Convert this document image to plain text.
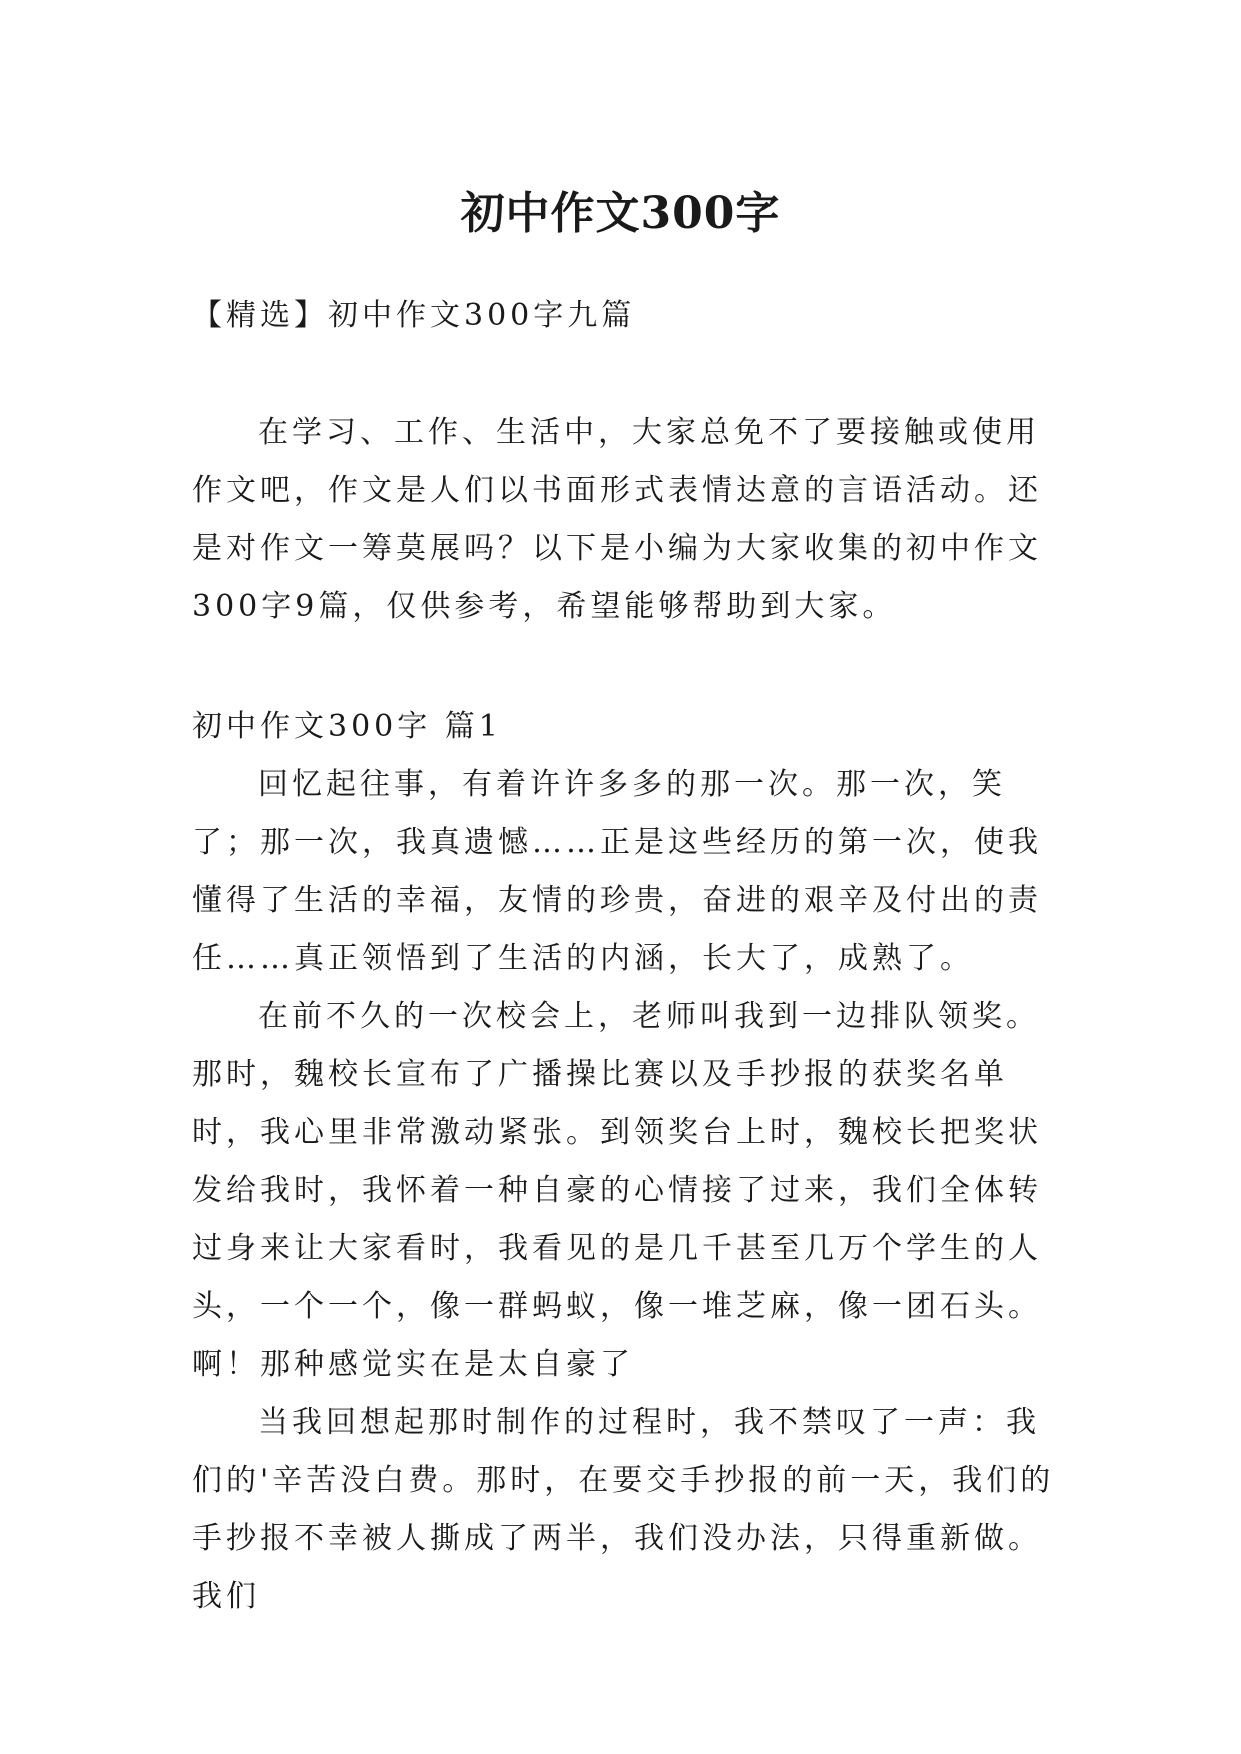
初中作文300字
【精选】初中作文300字九篇

在学习、工作、生活中，大家总免不了要接触或使用作文吧，作文是人们以书面形式表情达意的言语活动。还是对作文一筹莫展吗？以下是小编为大家收集的初中作文300字9篇，仅供参考，希望能够帮助到大家。

初中作文300字 篇1

回忆起往事，有着许许多多的那一次。那一次，笑了；那一次，我真遗憾……正是这些经历的第一次，使我懂得了生活的幸福，友情的珍贵，奋进的艰辛及付出的责任……真正领悟到了生活的内涵，长大了，成熟了。

在前不久的一次校会上，老师叫我到一边排队领奖。那时，魏校长宣布了广播操比赛以及手抄报的获奖名单时，我心里非常激动紧张。到领奖台上时，魏校长把奖状发给我时，我怀着一种自豪的心情接了过来，我们全体转过身来让大家看时，我看见的是几千甚至几万个学生的人头，一个一个，像一群蚂蚁，像一堆芝麻，像一团石头。啊！那种感觉实在是太自豪了

当我回想起那时制作的过程时，我不禁叹了一声：我们的'辛苦没白费。那时，在要交手抄报的前一天，我们的手抄报不幸被人撕成了两半，我们没办法，只得重新做。我们
